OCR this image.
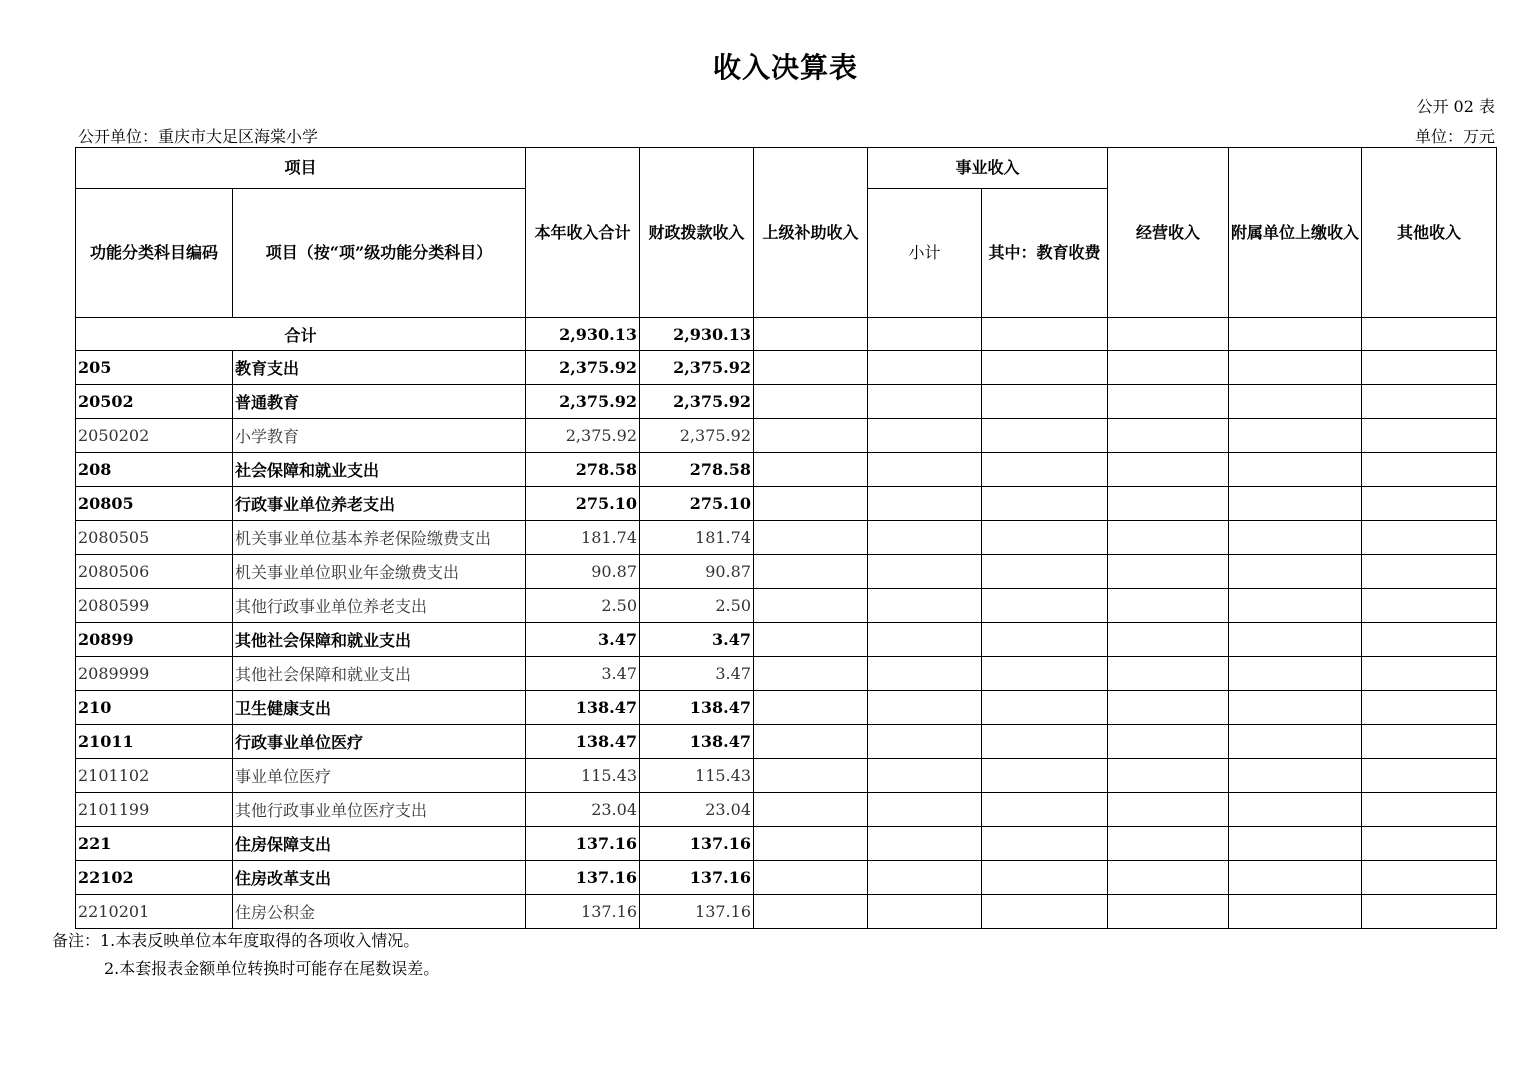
收入决算表
公开 02 表
公开单位：重庆市大足区海棠小学	单位：万元
项目		本年收入合计	财政拨款收入	上级补助收入	事业收入		经营收入	附属单位上缴收入	其他收入
功能分类科目编码	项目（按“项”级功能分类科目）				小计	其中：教育收费			
合计		2,930.13	2,930.13						
205	教育支出	2,375.92	2,375.92						
20502	普通教育	2,375.92	2,375.92						
2050202	小学教育	2,375.92	2,375.92						
208	社会保障和就业支出	278.58	278.58						
20805	行政事业单位养老支出	275.10	275.10						
2080505	机关事业单位基本养老保险缴费支出	181.74	181.74						
2080506	机关事业单位职业年金缴费支出	90.87	90.87						
2080599	其他行政事业单位养老支出	2.50	2.50						
20899	其他社会保障和就业支出	3.47	3.47						
2089999	其他社会保障和就业支出	3.47	3.47						
210	卫生健康支出	138.47	138.47						
21011	行政事业单位医疗	138.47	138.47						
2101102	事业单位医疗	115.43	115.43						
2101199	其他行政事业单位医疗支出	23.04	23.04						
221	住房保障支出	137.16	137.16						
22102	住房改革支出	137.16	137.16						
2210201	住房公积金	137.16	137.16						
备注：1.本表反映单位本年度取得的各项收入情况。
2.本套报表金额单位转换时可能存在尾数误差。
